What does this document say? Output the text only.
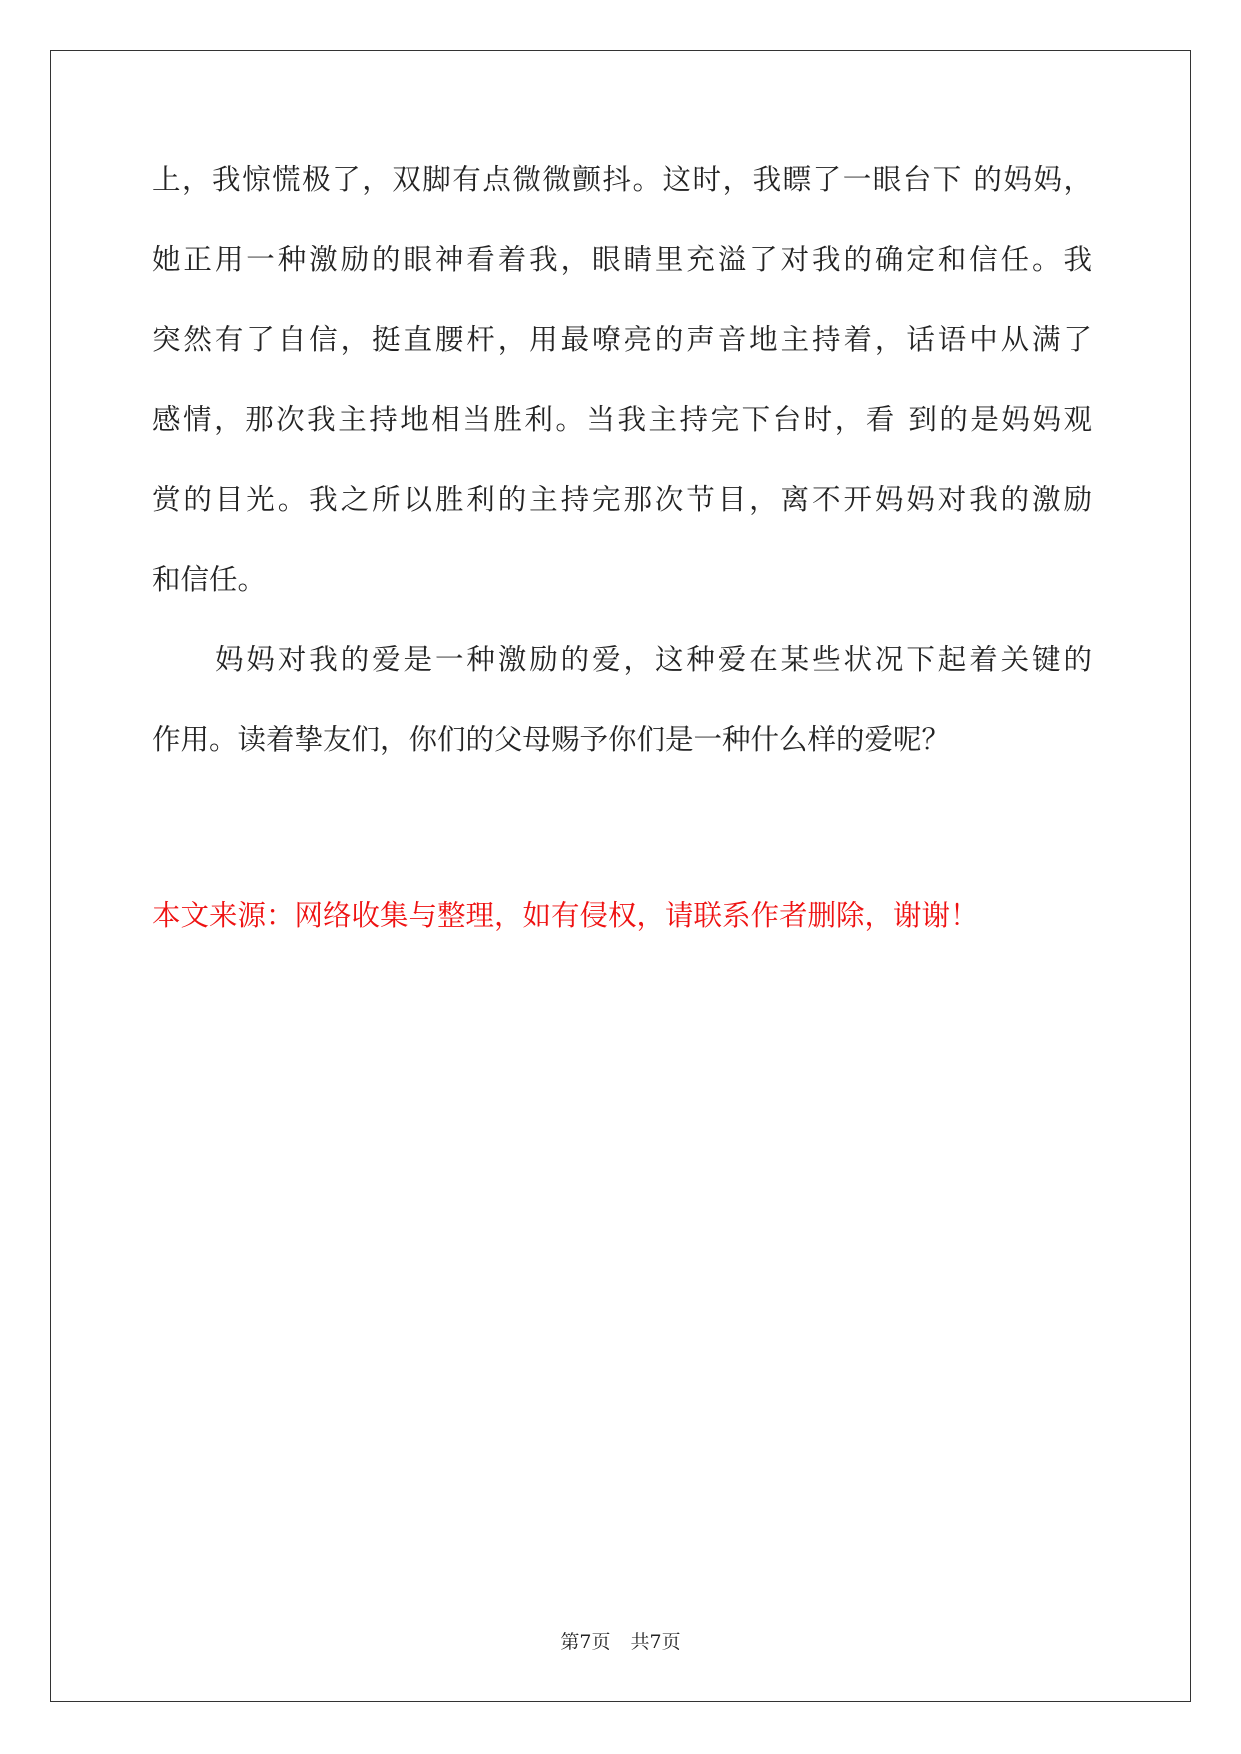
上，我惊慌极了，双脚有点微微颤抖。这时，我瞟了一眼台下 的妈妈，
她正用一种激励的眼神看着我，眼睛里充溢了对我的确定和信任。我
突然有了自信，挺直腰杆，用最嘹亮的声音地主持着，话语中从满了
感情，那次我主持地相当胜利。当我主持完下台时，看 到的是妈妈观
赏的目光。我之所以胜利的主持完那次节目，离不开妈妈对我的激励
和信任。
妈妈对我的爱是一种激励的爱，这种爱在某些状况下起着关键的
作用。读着挚友们，你们的父母赐予你们是一种什么样的爱呢？
本文来源：网络收集与整理，如有侵权，请联系作者删除，谢谢！
第7页 共7页
